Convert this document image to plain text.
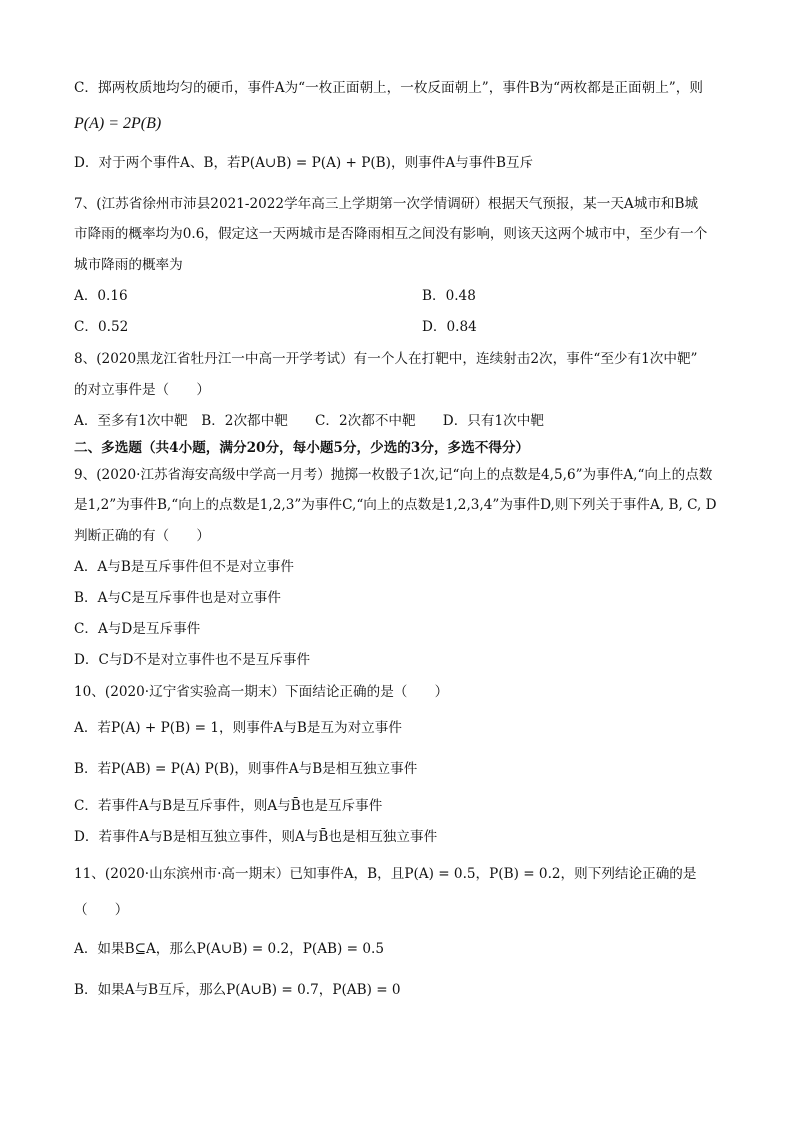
C．掷两枚质地均匀的硬币，事件A为“一枚正面朝上，一枚反面朝上”，事件B为“两枚都是正面朝上”，则
P(A) = 2P(B)
D．对于两个事件A、B，若P(A∪B) = P(A) + P(B)，则事件A与事件B互斥
7、(江苏省徐州市沛县2021-2022学年高三上学期第一次学情调研）根据天气预报，某一天A城市和B城
市降雨的概率均为0.6，假定这一天两城市是否降雨相互之间没有影响，则该天这两个城市中，至少有一个
城市降雨的概率为
A．0.16	B．0.48
C．0.52	D．0.84
8、(2020黑龙江省牡丹江一中高一开学考试）有一个人在打靶中，连续射击2次，事件“至少有1次中靶”
的对立事件是（　　）
A．至多有1次中靶　B．2次都中靶　　C．2次都不中靶　　D．只有1次中靶
二、多选题（共4小题，满分20分，每小题5分，少选的3分，多选不得分）
9、(2020·江苏省海安高级中学高一月考）抛掷一枚骰子1次,记“向上的点数是4,5,6”为事件A,“向上的点数
是1,2”为事件B,“向上的点数是1,2,3”为事件C,“向上的点数是1,2,3,4”为事件D,则下列关于事件A, B, C, D
判断正确的有（　　）
A．A与B是互斥事件但不是对立事件
B．A与C是互斥事件也是对立事件
C．A与D是互斥事件
D．C与D不是对立事件也不是互斥事件
10、(2020·辽宁省实验高一期末）下面结论正确的是（　　）
A．若P(A) + P(B) = 1，则事件A与B是互为对立事件
B．若P(AB) = P(A) P(B)，则事件A与B是相互独立事件
C．若事件A与B是互斥事件，则A与B̄也是互斥事件
D．若事件A与B是相互独立事件，则A与B̄也是相互独立事件
11、(2020·山东滨州市·高一期末）已知事件A，B，且P(A) = 0.5，P(B) = 0.2，则下列结论正确的是
（　　）
A．如果B⊆A，那么P(A∪B) = 0.2，P(AB) = 0.5
B．如果A与B互斥，那么P(A∪B) = 0.7，P(AB) = 0
